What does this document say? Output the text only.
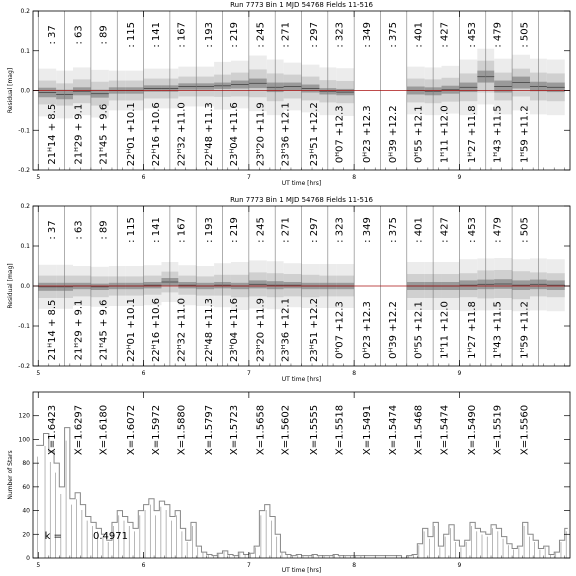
: 37 : 63 : 89 : 115 : 141 : 167 : 193 : 219 : 245 : 271 : 297 : 323 : 349 : 375 : 401 : 427 : 453 : 479 : 505
21ᴴ14 + 8.5 21ᴴ29 + 9.1 21ᴴ45 + 9.6 22ᴴ01 +10.1 22ᴴ16 +10.6 22ᴴ32 +11.0 22ᴴ48 +11.3 23ᴴ04 +11.6 23ᴴ20 +11.9 23ᴴ36 +12.1 23ᴴ51 +12.2 0ᴴ07 +12.3 0ᴴ23 +12.3 0ᴴ39 +12.2 0ᴴ55 +12.1 1ᴴ11 +12.0 1ᴴ27 +11.8 1ᴴ43 +11.5 1ᴴ59 +11.2
Run 7773 Bin 1 MJD 54768 Fields 11-516
5	6	7	8	9
-0.2
-0.1
0.0
0.1
0.2
UT time [hrs]
Residual [mag]
: 37 : 63 : 89 : 115 : 141 : 167 : 193 : 219 : 245 : 271 : 297 : 323 : 349 : 375 : 401 : 427 : 453 : 479 : 505
21ᴴ14 + 8.5 21ᴴ29 + 9.1 21ᴴ45 + 9.6 22ᴴ01 +10.1 22ᴴ16 +10.6 22ᴴ32 +11.0 22ᴴ48 +11.3 23ᴴ04 +11.6 23ᴴ20 +11.9 23ᴴ36 +12.1 23ᴴ51 +12.2 0ᴴ07 +12.3 0ᴴ23 +12.3 0ᴴ39 +12.2 0ᴴ55 +12.1 1ᴴ11 +12.0 1ᴴ27 +11.8 1ᴴ43 +11.5 1ᴴ59 +11.2
Run 7773 Bin 1 MJD 54768 Fields 11-516
5	6	7	8	9
-0.2
-0.1
0.0
0.1
0.2
UT time [hrs]
Residual [mag]
X=1.6423 X=1.6297 X=1.6180 X=1.6072 X=1.5972 X=1.5880 X=1.5797 X=1.5723 X=1.5658 X=1.5602 X=1.5555 X=1.5518 X=1.5491 X=1.5474 X=1.5468 X=1.5474 X=1.5490 X=1.5519 X=1.5560
k =	0.4971
5	6	7	8	9
0
20
40
60
80
100
120
UT time [hrs]
Number of Stars
